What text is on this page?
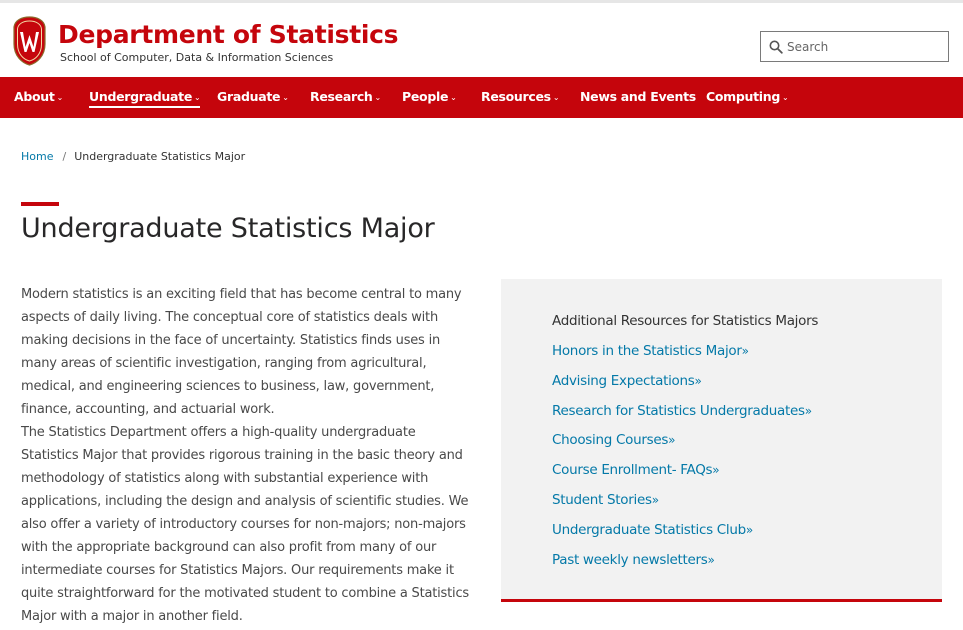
Department of Statistics
School of Computer, Data & Information Sciences
Search
About ⌄ Undergraduate ⌄ Graduate ⌄ Research ⌄ People ⌄ Resources ⌄ News and Events Computing ⌄
Home / Undergraduate Statistics Major
Undergraduate Statistics Major

Modern statistics is an exciting field that has become central to many aspects of daily living. The conceptual core of statistics deals with making decisions in the face of uncertainty. Statistics finds uses in many areas of scientific investigation, ranging from agricultural, medical, and engineering sciences to business, law, government, finance, accounting, and actuarial work.

The Statistics Department offers a high-quality undergraduate Statistics Major that provides rigorous training in the basic theory and methodology of statistics along with substantial experience with applications, including the design and analysis of scientific studies. We also offer a variety of introductory courses for non-majors; non-majors with the appropriate background can also profit from many of our intermediate courses for Statistics Majors. Our requirements make it quite straightforward for the motivated student to combine a Statistics Major with a major in another field.

Additional Resources for Statistics Majors
Honors in the Statistics Major»
Advising Expectations»
Research for Statistics Undergraduates»
Choosing Courses»
Course Enrollment- FAQs»
Student Stories»
Undergraduate Statistics Club»
Past weekly newsletters»
